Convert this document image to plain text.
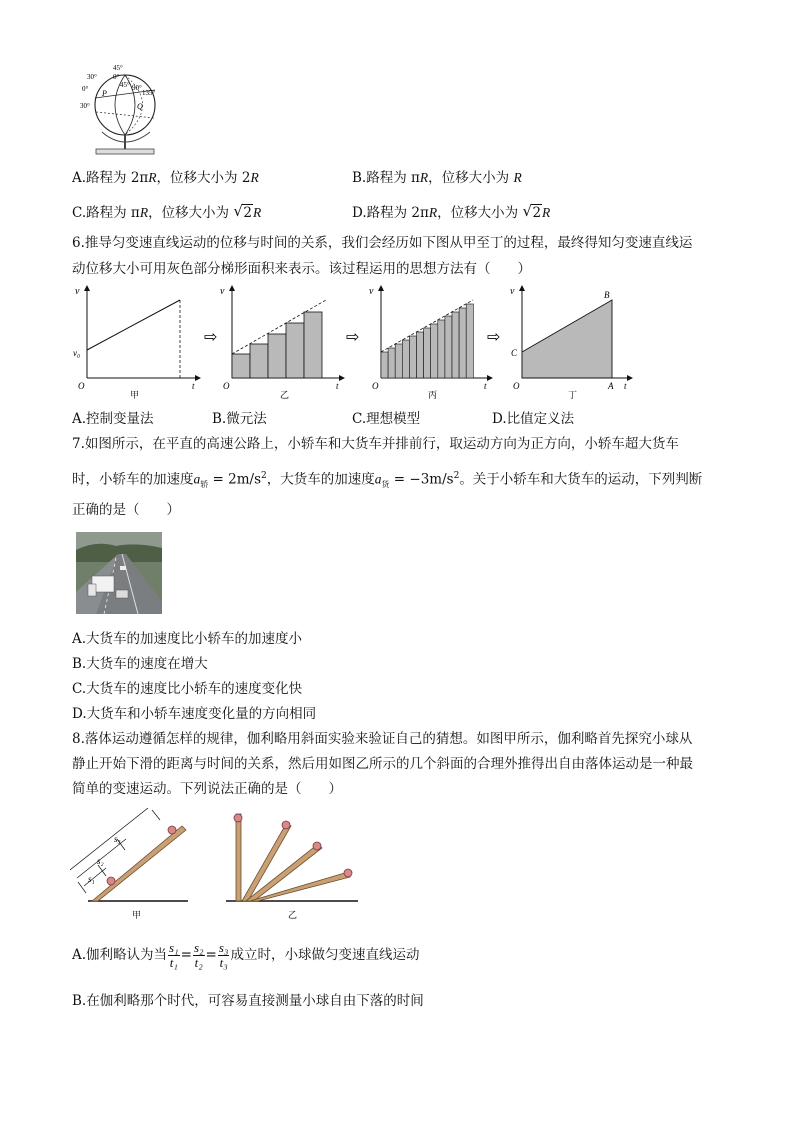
45°
30° 0°
0°	45° 90°
135°
P
Q
30°
A.路程为 2πR，位移大小为 2R	B.路程为 πR，位移大小为 R
C.路程为 πR，位移大小为 √ 2R	D.路程为 2πR，位移大小为 √ 2R
6.推导匀变速直线运动的位移与时间的关系，我们会经历如下图从甲至丁的过程，最终得知匀变速直线运
动位移大小可用灰色部分梯形面积来表示。该过程运用的思想方法有（　　）
v
v₀
O	t
甲
⇨
v
O	t
乙
⇨
v
O	t
丙
⇨
v	B
C
O	A t
丁
A.控制变量法	B.微元法	C.理想模型	D.比值定义法
7.如图所示，在平直的高速公路上，小轿车和大货车并排前行，取运动方向为正方向，小轿车超大货车
时，小轿车的加速度$a_轿 = 2m/s^2$，大货车的加速度$a_货 = -3m/s^2$。关于小轿车和大货车的运动，下列判断
正确的是（　　）
A.大货车的加速度比小轿车的加速度小
B.大货车的速度在增大
C.大货车的速度比小轿车的速度变化快
D.大货车和小轿车速度变化量的方向相同
8.落体运动遵循怎样的规律，伽利略用斜面实验来验证自己的猜想。如图甲所示，伽利略首先探究小球从
静止开始下滑的距离与时间的关系，然后用如图乙所示的几个斜面的合理外推得出自由落体运动是一种最
简单的变速运动。下列说法正确的是（　　）
s₁
s₂
s₃
甲	乙
A.伽利略认为当 $\frac{\text{s₁}}{\text{t₁}} = \frac{\text{s₂}}{\text{t₂}} = \frac{\text{s₃}}{\text{t₃}}$ 成立时，小球做匀变速直线运动
B.在伽利略那个时代，可容易直接测量小球自由下落的时间
